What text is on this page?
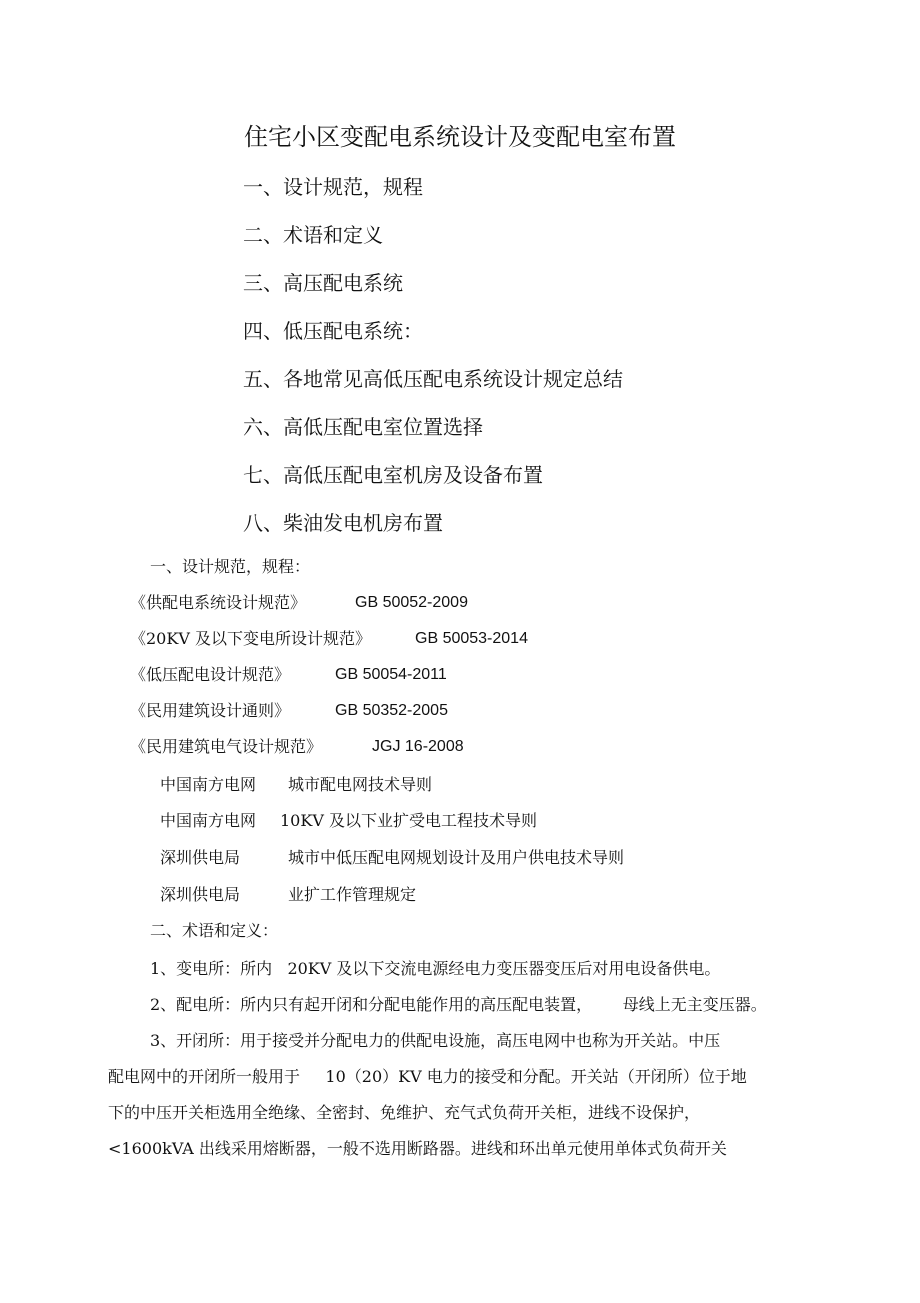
住宅小区变配电系统设计及变配电室布置
一、设计规范，规程
二、术语和定义
三、高压配电系统
四、低压配电系统：
五、各地常见高低压配电系统设计规定总结
六、高低压配电室位置选择
七、高低压配电室机房及设备布置
八、柴油发电机房布置
一、设计规范，规程：
《供配电系统设计规范》	GB 50052-2009
《20KV 及以下变电所设计规范》	GB 50053-2014
《低压配电设计规范》	GB 50054-2011
《民用建筑设计通则》	GB 50352-2005
《民用建筑电气设计规范》	JGJ 16-2008
中国南方电网 城市配电网技术导则
中国南方电网 10KV 及以下业扩受电工程技术导则
深圳供电局	城市中低压配电网规划设计及用户供电技术导则
深圳供电局	业扩工作管理规定
二、术语和定义：
1、变电所：所内   20KV 及以下交流电源经电力变压器变压后对用电设备供电。
2、配电所：所内只有起开闭和分配电能作用的高压配电装置，      母线上无主变压器。
3、开闭所：用于接受并分配电力的供配电设施，高压电网中也称为开关站。中压
配电网中的开闭所一般用于     10（20）KV 电力的接受和分配。开关站（开闭所）位于地
下的中压开关柜选用全绝缘、全密封、免维护、充气式负荷开关柜，进线不设保护，
<1600kVA 出线采用熔断器，一般不选用断路器。进线和环出单元使用单体式负荷开关
